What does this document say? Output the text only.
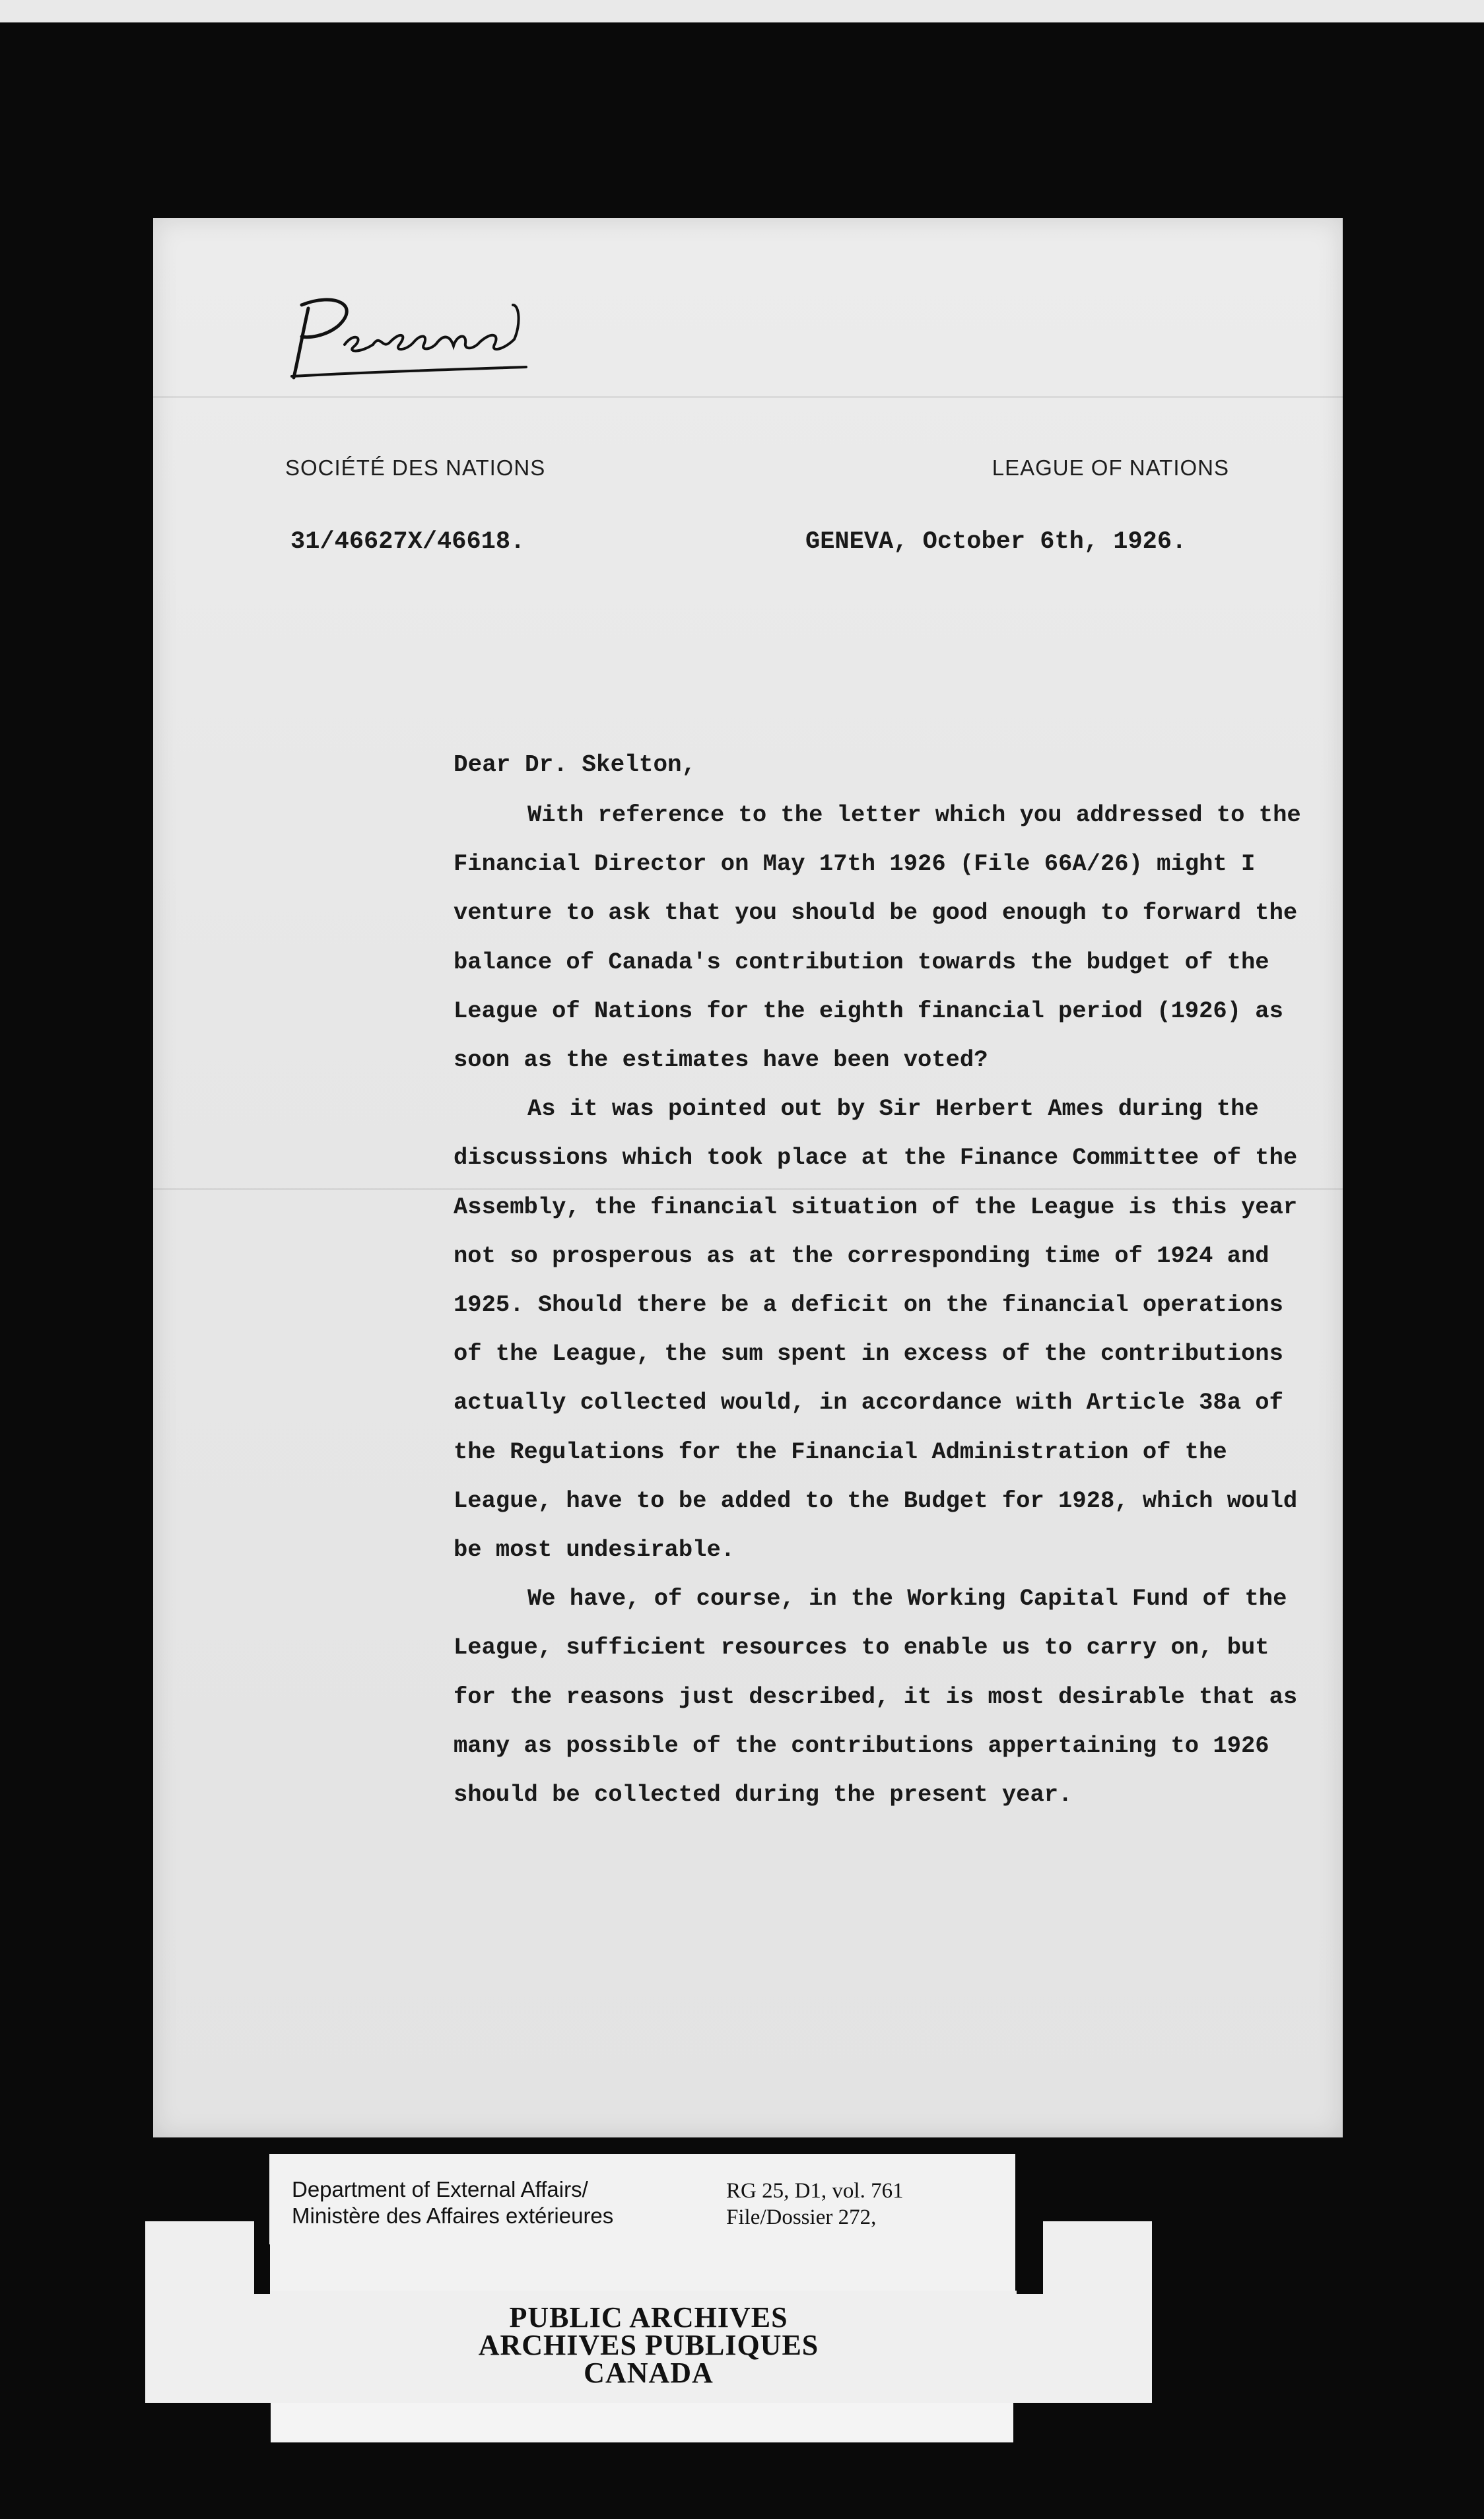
SOCIÉTÉ DES NATIONS	LEAGUE OF NATIONS
31/46627X/46618.	GENEVA, October 6th, 1926.
Dear Dr. Skelton,

With reference to the letter which you addressed to the Financial Director on May 17th 1926 (File 66A/26) might I venture to ask that you should be good enough to forward the balance of Canada's contribution towards the budget of the League of Nations for the eighth financial period (1926) as soon as the estimates have been voted?

As it was pointed out by Sir Herbert Ames during the discussions which took place at the Finance Committee of the Assembly, the financial situation of the League is this year not so prosperous as at the corresponding time of 1924 and 1925. Should there be a deficit on the financial operations of the League, the sum spent in excess of the contributions actually collected would, in accordance with Article 38a of the Regulations for the Financial Administration of the League, have to be added to the Budget for 1928, which would be most undesirable.

We have, of course, in the Working Capital Fund of the League, sufficient resources to enable us to carry on, but for the reasons just described, it is most desirable that as many as possible of the contributions appertaining to 1926 should be collected during the present year.

Department of External Affairs/
Ministère des Affaires extérieures
RG 25, D1, vol. 761
File/Dossier 272,
PUBLIC ARCHIVES
ARCHIVES PUBLIQUES
CANADA
